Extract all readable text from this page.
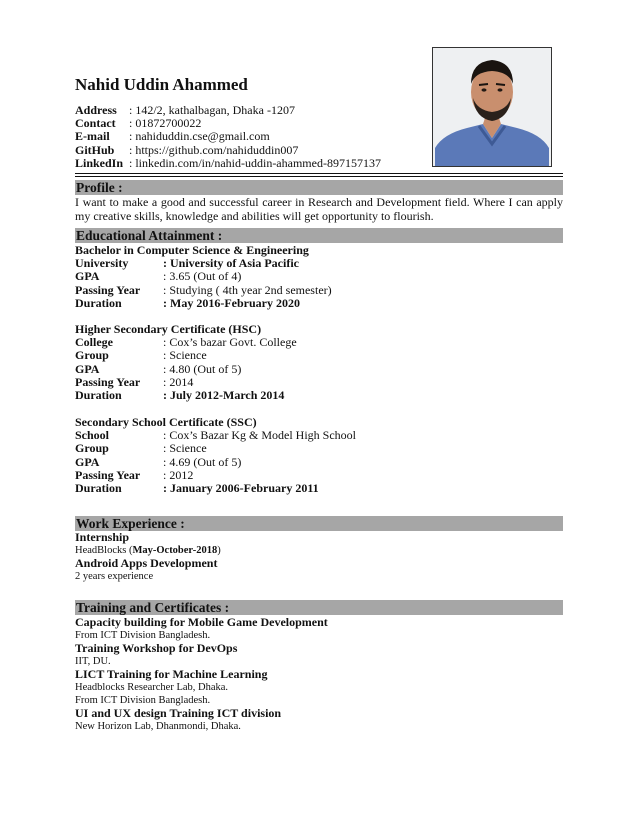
Nahid Uddin Ahammed
Address	: 142/2, kathalbagan, Dhaka -1207
Contact	: 01872700022
E-mail	: nahiduddin.cse@gmail.com
GitHub	: https://github.com/nahiduddin007
LinkedIn : linkedin.com/in/nahid-uddin-ahammed-897157137
Profile :
I want to make a good and successful career in Research and Development field. Where I can apply my creative skills, knowledge and abilities will get opportunity to flourish.
Educational Attainment :
Bachelor in Computer Science & Engineering
University	: University of Asia Pacific
GPA	: 3.65 (Out of 4)
Passing Year	: Studying ( 4th year 2nd semester)
Duration	: May 2016-February 2020
Higher Secondary Certificate (HSC)
College	: Cox’s bazar Govt. College
Group	: Science
GPA	: 4.80 (Out of 5)
Passing Year	: 2014
Duration	: July 2012-March 2014
Secondary School Certificate (SSC)
School	: Cox’s Bazar Kg & Model High School
Group	: Science
GPA	: 4.69 (Out of 5)
Passing Year	: 2012
Duration	: January 2006-February 2011
Work Experience :
Internship
HeadBlocks (May-October-2018)
Android Apps Development
2 years experience
Training and Certificates :
Capacity building for Mobile Game Development
From ICT Division Bangladesh.
Training Workshop for DevOps
IIT, DU.
LICT Training for Machine Learning
Headblocks Researcher Lab, Dhaka.
From ICT Division Bangladesh.
UI and UX design Training ICT division
New Horizon Lab, Dhanmondi, Dhaka.
